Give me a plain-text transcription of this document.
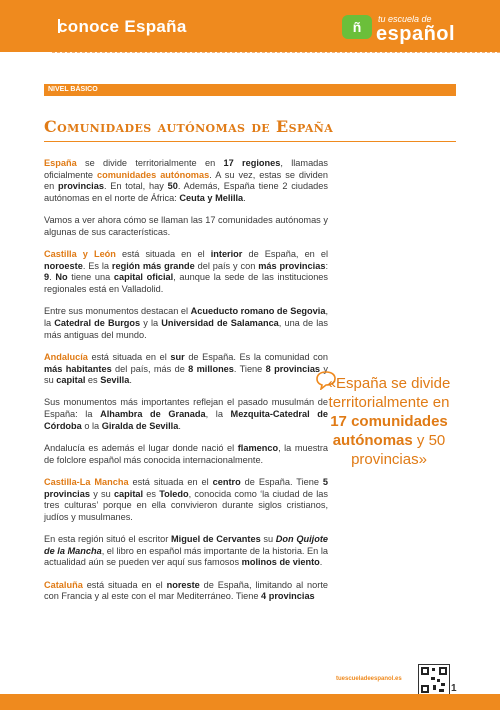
conoce España	ñ	tu escuela de
español
NIVEL BÁSICO
Comunidades autónomas de España

España se divide territorialmente en 17 regiones, llamadas oficialmente comunidades autónomas. A su vez, estas se dividen en provincias. En total, hay 50. Además, España tiene 2 ciudades autónomas en el norte de África: Ceuta y Melilla.

Vamos a ver ahora cómo se llaman las 17 comunidades autónomas y algunas de sus características.

Castilla y León está situada en el interior de España, en el noroeste. Es la región más grande del país y con más provincias: 9. No tiene una capital oficial, aunque la sede de las instituciones regionales está en Valladolid.

Entre sus monumentos destacan el Acueducto romano de Segovia, la Catedral de Burgos y la Universidad de Salamanca, una de las más antiguas del mundo.

Andalucía está situada en el sur de España. Es la comunidad con más habitantes del país, más de 8 millones. Tiene 8 provincias y su capital es Sevilla.

Sus monumentos más importantes reflejan el pasado musulmán de España: la Alhambra de Granada, la Mezquita-Catedral de Córdoba o la Giralda de Sevilla.

Andalucía es además el lugar donde nació el flamenco, la muestra de folclore español más conocida internacionalmente.

Castilla-La Mancha está situada en el centro de España. Tiene 5 provincias y su capital es Toledo, conocida como ‘la ciudad de las tres culturas’ porque en ella convivieron durante siglos cristianos, judíos y musulmanes.

En esta región situó el escritor Miguel de Cervantes su Don Quijote de la Mancha, el libro en español más importante de la historia. En la actualidad aún se pueden ver aquí sus famosos molinos de viento.

Cataluña está situada en el noreste de España, limitando al norte con Francia y al este con el mar Mediterráneo. Tiene 4 provincias

«España se divide territorialmente en 17 comunidades autónomas y 50 provincias»
tuescueladeespanol.es
1
